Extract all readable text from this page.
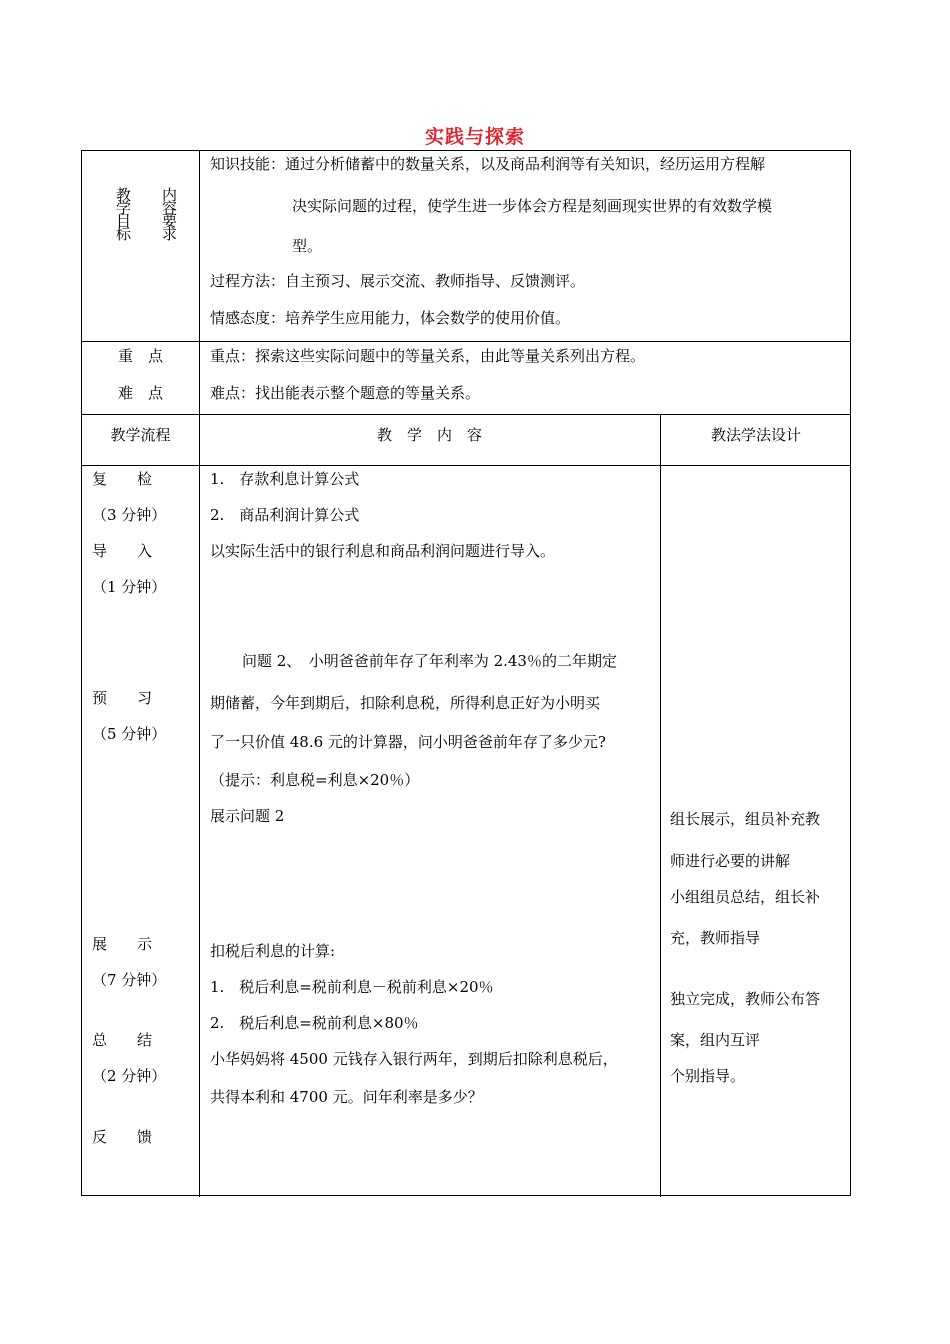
实践与探索
教
学
目
标
内
容
要
求
知识技能：通过分析储蓄中的数量关系，以及商品利润等有关知识，经历运用方程解
决实际问题的过程，使学生进一步体会方程是刻画现实世界的有效数学模
型。
过程方法：自主预习、展示交流、教师指导、反馈测评。
情感态度：培养学生应用能力，体会数学的使用价值。
重　点
难　点
重点：探索这些实际问题中的等量关系，由此等量关系列出方程。
难点：找出能表示整个题意的等量关系。
教学流程	教　学　内　容	教法学法设计
复　　检
（3 分钟）
导　　入
（1 分钟）
预　　习
（5 分钟）
展　　示
（7 分钟）
总　　结
（2 分钟）
反　　馈
1.　存款利息计算公式
2.　商品利润计算公式
以实际生活中的银行利息和商品利润问题进行导入。
问题 2、　小明爸爸前年存了年利率为 2.43％的二年期定
期储蓄，今年到期后，扣除利息税，所得利息正好为小明买
了一只价值 48.6 元的计算器，问小明爸爸前年存了多少元?
（提示：利息税=利息×20％）
展示问题 2
扣税后利息的计算:
1.　税后利息=税前利息－税前利息×20％
2.　税后利息=税前利息×80％
小华妈妈将 4500 元钱存入银行两年，到期后扣除利息税后，
共得本利和 4700 元。问年利率是多少？
组长展示，组员补充教
师进行必要的讲解
小组组员总结，组长补
充，教师指导
独立完成，教师公布答
案，组内互评
个别指导。
